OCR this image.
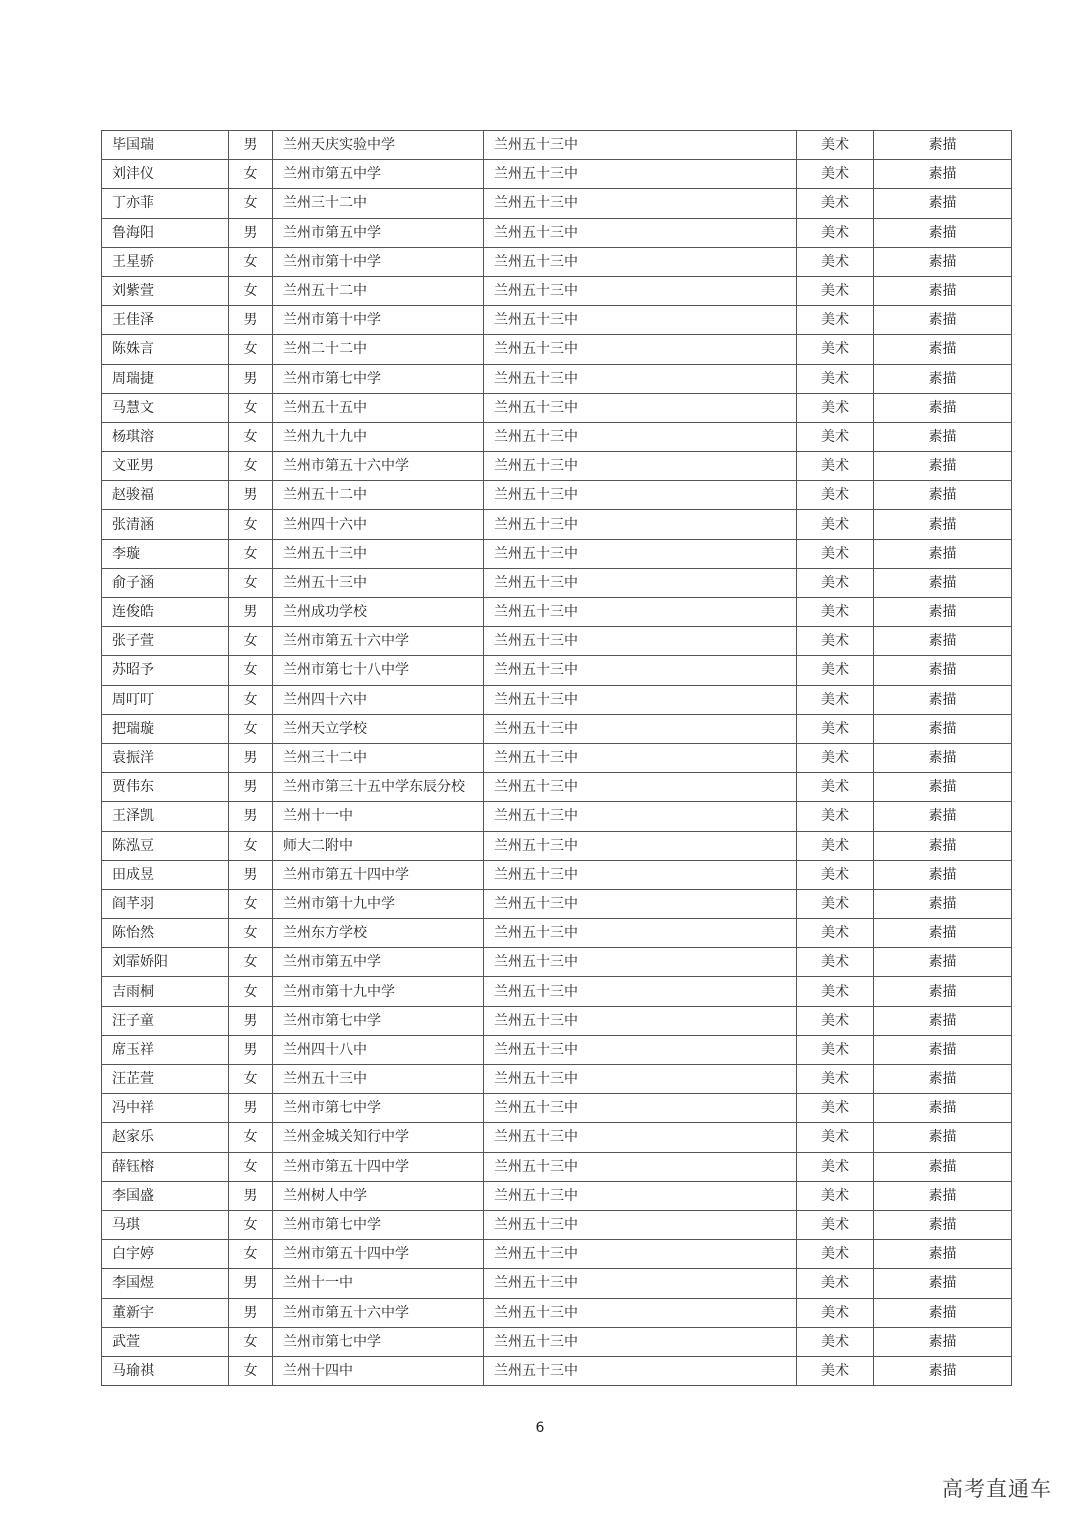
毕国瑞	男	兰州天庆实验中学	兰州五十三中	美术	素描
刘沣仪	女	兰州市第五中学	兰州五十三中	美术	素描
丁亦菲	女	兰州三十二中	兰州五十三中	美术	素描
鲁海阳	男	兰州市第五中学	兰州五十三中	美术	素描
王星骄	女	兰州市第十中学	兰州五十三中	美术	素描
刘紫萱	女	兰州五十二中	兰州五十三中	美术	素描
王佳泽	男	兰州市第十中学	兰州五十三中	美术	素描
陈姝言	女	兰州二十二中	兰州五十三中	美术	素描
周瑞捷	男	兰州市第七中学	兰州五十三中	美术	素描
马慧文	女	兰州五十五中	兰州五十三中	美术	素描
杨琪溶	女	兰州九十九中	兰州五十三中	美术	素描
文亚男	女	兰州市第五十六中学	兰州五十三中	美术	素描
赵骏福	男	兰州五十二中	兰州五十三中	美术	素描
张清涵	女	兰州四十六中	兰州五十三中	美术	素描
李璇	女	兰州五十三中	兰州五十三中	美术	素描
俞子涵	女	兰州五十三中	兰州五十三中	美术	素描
连俊皓	男	兰州成功学校	兰州五十三中	美术	素描
张子萱	女	兰州市第五十六中学	兰州五十三中	美术	素描
苏昭予	女	兰州市第七十八中学	兰州五十三中	美术	素描
周叮叮	女	兰州四十六中	兰州五十三中	美术	素描
把瑞璇	女	兰州天立学校	兰州五十三中	美术	素描
袁振洋	男	兰州三十二中	兰州五十三中	美术	素描
贾伟东	男	兰州市第三十五中学东辰分校	兰州五十三中	美术	素描
王泽凯	男	兰州十一中	兰州五十三中	美术	素描
陈泓豆	女	师大二附中	兰州五十三中	美术	素描
田成昱	男	兰州市第五十四中学	兰州五十三中	美术	素描
阎芊羽	女	兰州市第十九中学	兰州五十三中	美术	素描
陈怡然	女	兰州东方学校	兰州五十三中	美术	素描
刘霏娇阳	女	兰州市第五中学	兰州五十三中	美术	素描
吉雨桐	女	兰州市第十九中学	兰州五十三中	美术	素描
汪子童	男	兰州市第七中学	兰州五十三中	美术	素描
席玉祥	男	兰州四十八中	兰州五十三中	美术	素描
汪芷萱	女	兰州五十三中	兰州五十三中	美术	素描
冯中祥	男	兰州市第七中学	兰州五十三中	美术	素描
赵家乐	女	兰州金城关知行中学	兰州五十三中	美术	素描
薛钰榕	女	兰州市第五十四中学	兰州五十三中	美术	素描
李国盛	男	兰州树人中学	兰州五十三中	美术	素描
马琪	女	兰州市第七中学	兰州五十三中	美术	素描
白宇婷	女	兰州市第五十四中学	兰州五十三中	美术	素描
李国煜	男	兰州十一中	兰州五十三中	美术	素描
董新宇	男	兰州市第五十六中学	兰州五十三中	美术	素描
武萱	女	兰州市第七中学	兰州五十三中	美术	素描
马瑜祺	女	兰州十四中	兰州五十三中	美术	素描
6
高考直通车
